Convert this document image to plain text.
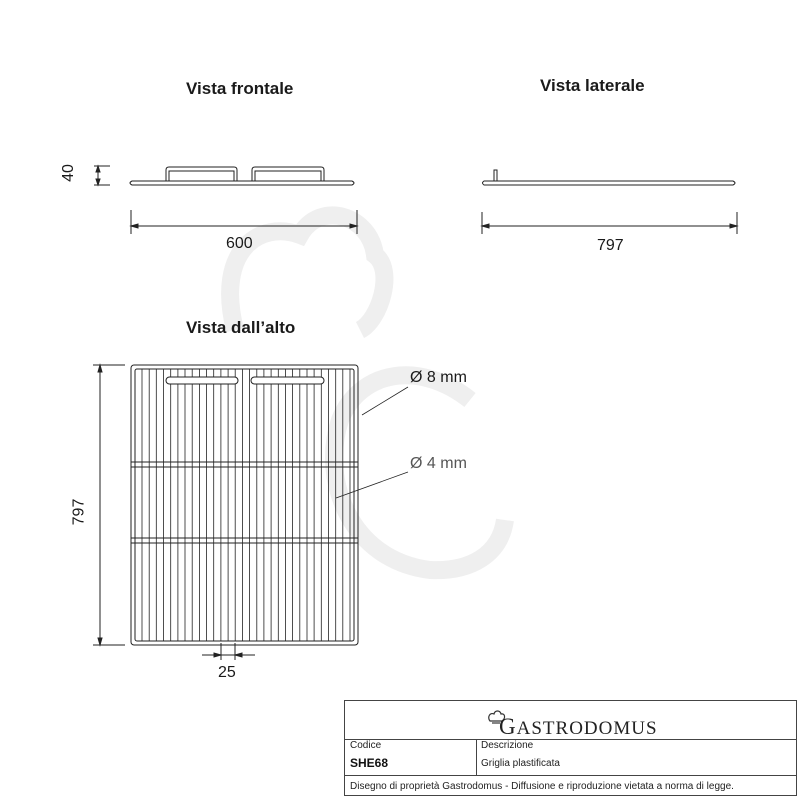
Vista frontale	Vista laterale
Vista dall’alto
40
600	797
797
25
Ø 8 mm
Ø 4 mm
GASTRODOMUS
Codice
SHE68
Descrizione
Griglia plastificata
Disegno di proprietà Gastrodomus - Diffusione e riproduzione vietata a norma di legge.
